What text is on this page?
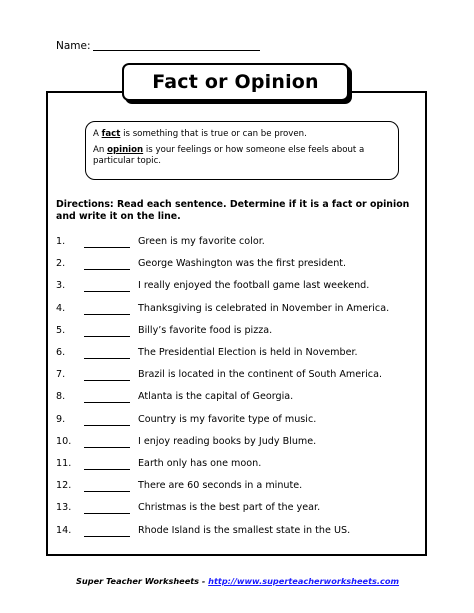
Name:
Fact or Opinion

A fact is something that is true or can be proven.

An opinion is your feelings or how someone else feels about a particular topic.

Directions: Read each sentence. Determine if it is a fact or opinion and write it on the line.
1.	Green is my favorite color.
2.	George Washington was the first president.
3.	I really enjoyed the football game last weekend.
4.	Thanksgiving is celebrated in November in America.
5.	Billy’s favorite food is pizza.
6.	The Presidential Election is held in November.
7.	Brazil is located in the continent of South America.
8.	Atlanta is the capital of Georgia.
9.	Country is my favorite type of music.
10.	I enjoy reading books by Judy Blume.
11.	Earth only has one moon.
12.	There are 60 seconds in a minute.
13.	Christmas is the best part of the year.
14.	Rhode Island is the smallest state in the US.
Super Teacher Worksheets - http://www.superteacherworksheets.com
